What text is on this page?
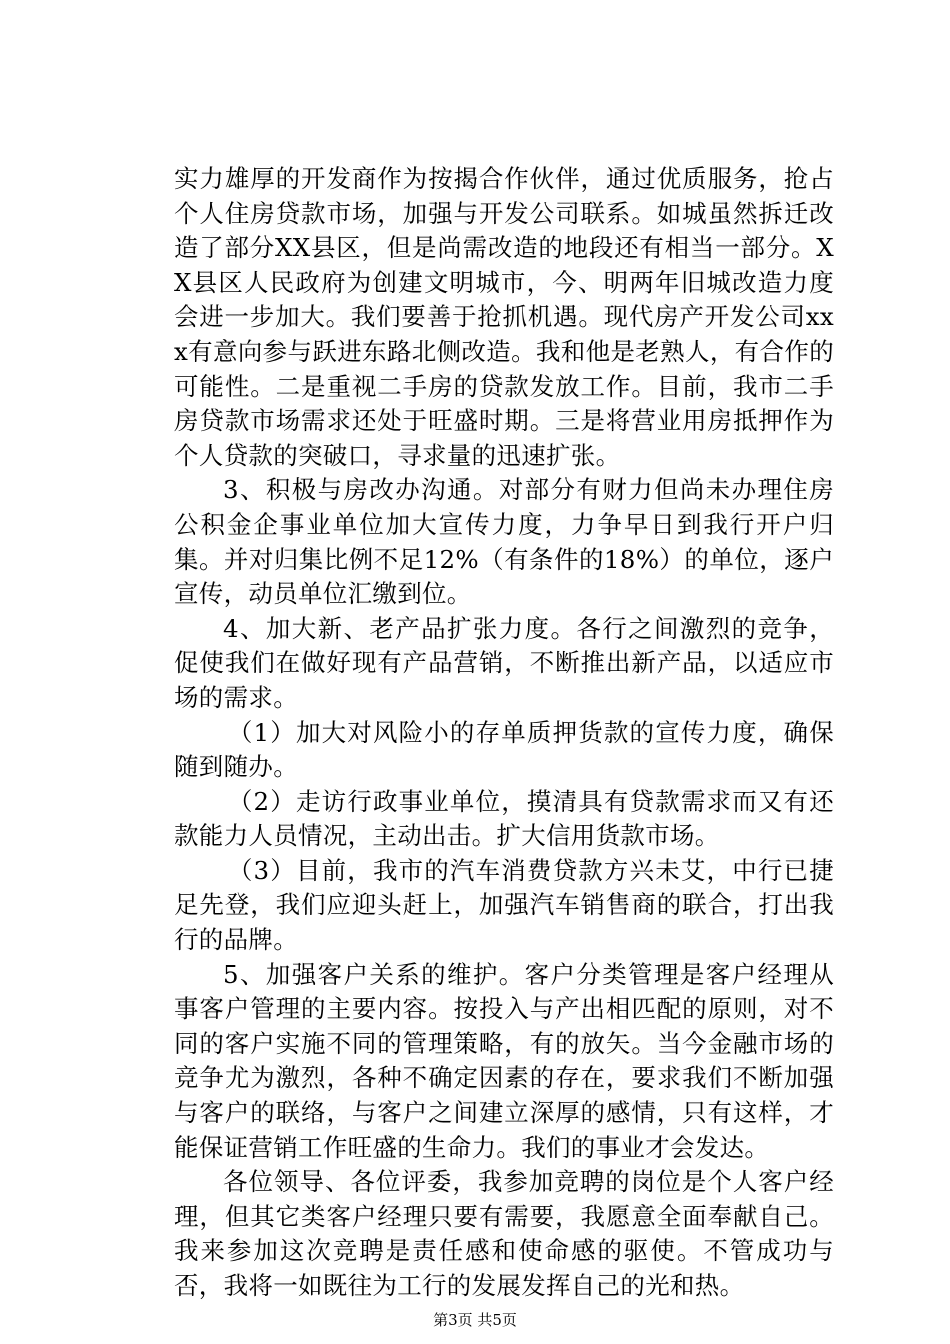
实力雄厚的开发商作为按揭合作伙伴，通过优质服务，抢占个人住房贷款市场，加强与开发公司联系。如城虽然拆迁改造了部分XX县区，但是尚需改造的地段还有相当一部分。XX县区人民政府为创建文明城市，今、明两年旧城改造力度会进一步加大。我们要善于抢抓机遇。现代房产开发公司xxx有意向参与跃进东路北侧改造。我和他是老熟人，有合作的可能性。二是重视二手房的贷款发放工作。目前，我市二手房贷款市场需求还处于旺盛时期。三是将营业用房抵押作为个人贷款的突破口，寻求量的迅速扩张。

3、积极与房改办沟通。对部分有财力但尚未办理住房公积金企事业单位加大宣传力度，力争早日到我行开户归集。并对归集比例不足12%（有条件的18%）的单位，逐户宣传，动员单位汇缴到位。

4、加大新、老产品扩张力度。各行之间激烈的竞争，促使我们在做好现有产品营销，不断推出新产品，以适应市场的需求。

（1）加大对风险小的存单质押货款的宣传力度，确保随到随办。

（2）走访行政事业单位，摸清具有贷款需求而又有还款能力人员情况，主动出击。扩大信用货款市场。

（3）目前，我市的汽车消费贷款方兴未艾，中行已捷足先登，我们应迎头赶上，加强汽车销售商的联合，打出我行的品牌。

5、加强客户关系的维护。客户分类管理是客户经理从事客户管理的主要内容。按投入与产出相匹配的原则，对不同的客户实施不同的管理策略，有的放矢。当今金融市场的竞争尤为激烈，各种不确定因素的存在，要求我们不断加强与客户的联络，与客户之间建立深厚的感情，只有这样，才能保证营销工作旺盛的生命力。我们的事业才会发达。

各位领导、各位评委，我参加竞聘的岗位是个人客户经理，但其它类客户经理只要有需要，我愿意全面奉献自己。我来参加这次竞聘是责任感和使命感的驱使。不管成功与否，我将一如既往为工行的发展发挥自己的光和热。

第3页 共5页
